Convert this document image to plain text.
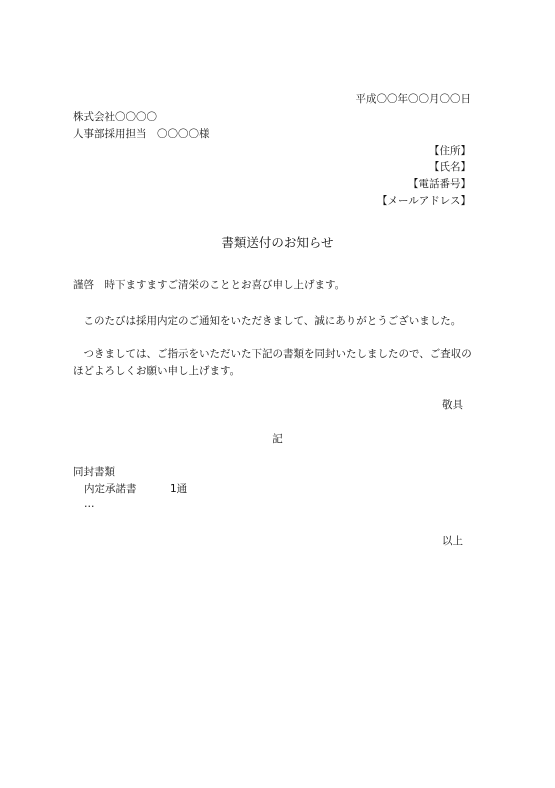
平成〇〇年〇〇月〇〇日
株式会社〇〇〇〇
人事部採用担当　〇〇〇〇様
【住所】
【氏名】
【電話番号】
【メールアドレス】
書類送付のお知らせ
謹啓　時下ますますご清栄のこととお喜び申し上げます。
　このたびは採用内定のご通知をいただきまして、誠にありがとうございました。
　つきましては、ご指示をいただいた下記の書類を同封いたしましたので、ご査収の
ほどよろしくお願い申し上げます。
敬具
記
同封書類
内定承諾書	1通
…
以上
